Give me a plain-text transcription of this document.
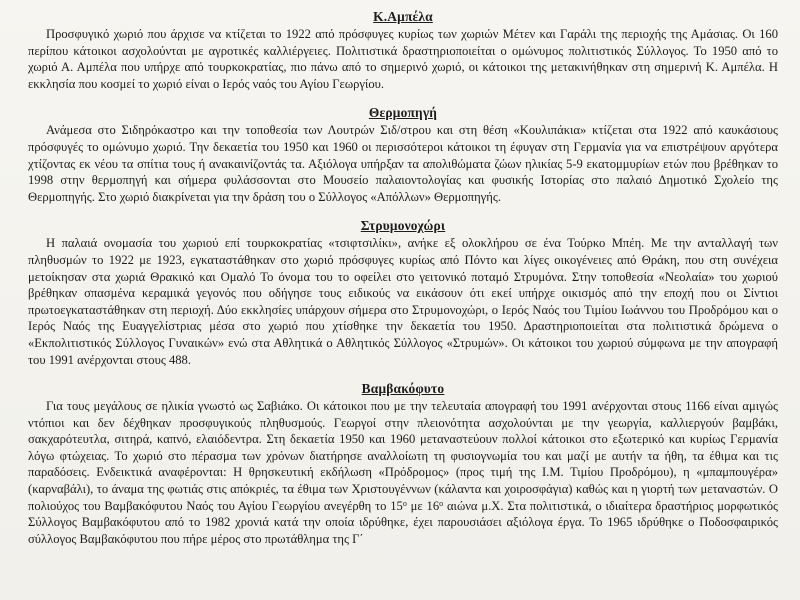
Κ.Αμπέλα

Προσφυγικό χωριό που άρχισε να κτίζεται το 1922 από πρόσφυγες κυρίως των χωριών Μέτεν και Γαράλι της περιοχής της Αμάσιας. Οι 160 περίπου κάτοικοι ασχολούνται με αγροτικές καλλιέργειες. Πολιτιστικά δραστηριοποιείται ο ομώνυμος πολιτιστικός Σύλλογος. Το 1950 από το χωριό Α. Αμπέλα που υπήρχε από τουρκοκρατίας, πιο πάνω από το σημερινό χωριό, οι κάτοικοι της μετακινήθηκαν στη σημερινή Κ. Αμπέλα. Η εκκλησία που κοσμεί το χωριό είναι ο Ιερός ναός του Αγίου Γεωργίου.

Θερμοπηγή

Ανάμεσα στο Σιδηρόκαστρο και την τοποθεσία των Λουτρών Σιδ/στρου και στη θέση «Κουλιπάκια» κτίζεται στα 1922 από καυκάσιους πρόσφυγές το ομώνυμο χωριό. Την δεκαετία του 1950 και 1960 οι περισσότεροι κάτοικοι τη έφυγαν στη Γερμανία για να επιστρέψουν αργότερα χτίζοντας εκ νέου τα σπίτια τους ή ανακαινίζοντάς τα. Αξιόλογα υπήρξαν τα απολιθώματα ζώων ηλικίας 5-9 εκατομμυρίων ετών που βρέθηκαν το 1998 στην θερμοπηγή και σήμερα φυλάσσονται στο Μουσείο παλαιοντολογίας και φυσικής Ιστορίας στο παλαιό Δημοτικό Σχολείο της Θερμοπηγής. Στο χωριό διακρίνεται για την δράση του ο Σύλλογος «Απόλλων» Θερμοπηγής.

Στρυμονοχώρι

Η παλαιά ονομασία του χωριού επί τουρκοκρατίας «τσιφτσιλίκι», ανήκε εξ ολοκλήρου σε ένα Τούρκο Μπέη. Με την ανταλλαγή των πληθυσμών το 1922 με 1923, εγκαταστάθηκαν στο χωριό πρόσφυγες κυρίως από Πόντο και λίγες οικογένειες από Θράκη, που στη συνέχεια μετοίκησαν στα χωριά Θρακικό και Ομαλό Το όνομα του το οφείλει στο γειτονικό ποταμό Στρυμόνα. Στην τοποθεσία «Νεολαία» του χωριού βρέθηκαν σπασμένα κεραμικά γεγονός που οδήγησε τους ειδικούς να εικάσουν ότι εκεί υπήρχε οικισμός από την εποχή που οι Σίντιοι πρωτοεγκαταστάθηκαν στη περιοχή. Δύο εκκλησίες υπάρχουν σήμερα στο Στρυμονοχώρι, ο Ιερός Ναός του Τιμίου Ιωάννου του Προδρόμου και ο Ιερός Ναός της Ευαγγελίστριας μέσα στο χωριό που χτίσθηκε την δεκαετία του 1950. Δραστηριοποιείται στα πολιτιστικά δρώμενα ο «Εκπολιτιστικός Σύλλογος Γυναικών» ενώ στα Αθλητικά ο Αθλητικός Σύλλογος «Στρυμών». Οι κάτοικοι του χωριού σύμφωνα με την απογραφή του 1991 ανέρχονται στους 488.

Βαμβακόφυτο

Για τους μεγάλους σε ηλικία γνωστό ως Σαβιάκο. Οι κάτοικοι που με την τελευταία απογραφή του 1991 ανέρχονται στους 1166 είναι αμιγώς ντόπιοι και δεν δέχθηκαν προσφυγικούς πληθυσμούς. Γεωργοί στην πλειονότητα ασχολούνται με την γεωργία, καλλιεργούν βαμβάκι, σακχαρότευτλα, σιτηρά, καπνό, ελαιόδεντρα. Στη δεκαετία 1950 και 1960 μεταναστεύουν πολλοί κάτοικοι στο εξωτερικό και κυρίως Γερμανία λόγω φτώχειας. Το χωριό στο πέρασμα των χρόνων διατήρησε αναλλοίωτη τη φυσιογνωμία του και μαζί με αυτήν τα ήθη, τα έθιμα και τις παραδόσεις. Ενδεικτικά αναφέρονται: Η θρησκευτική εκδήλωση «Πρόδρομος» (προς τιμή της Ι.Μ. Τιμίου Προδρόμου), η «μπαμπουγέρα» (καρναβάλι), το άναμα της φωτιάς στις απόκριές, τα έθιμα των Χριστουγέννων (κάλαντα και χοιροσφάγια) καθώς και η γιορτή των μεταναστών. Ο πολιούχος του Βαμβακόφυτου Ναός του Αγίου Γεωργίου ανεγέρθη το $15^o$ με $16^o$ αιώνα μ.Χ. Στα πολιτιστικά, ο ιδιαίτερα δραστήριος μορφωτικός Σύλλογος Βαμβακόφυτου από το 1982 χρονιά κατά την οποία ιδρύθηκε, έχει παρουσιάσει αξιόλογα έργα. Το 1965 ιδρύθηκε ο Ποδοσφαιρικός σύλλογος Βαμβακόφυτου που πήρε μέρος στο πρωτάθλημα της Γ΄
